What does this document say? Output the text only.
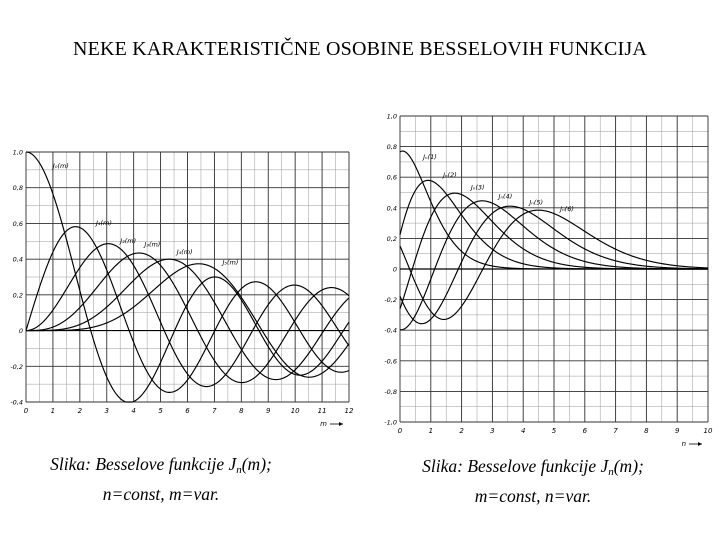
NEKE KARAKTERISTIČNE OSOBINE BESSELOVIH FUNKCIJA
0	1	2	3	4	5	6	7	8	9	10	11	12
1,0
0,8
0,6
0,4
0,2
0
-0,2
-0,4
m
J₀(m)
J₁(m)
J₂(m)	J₃(m)
J₄(m)
J₅(m)
0	1	2	3	4	5	6	7	8	9	10
1,0
0,8
0,6
0,4
0,2
0
-0,2
-0,4
-0,6
-0,8
-1,0
n
Jₙ(1)
Jₙ(2)
Jₙ(3)
Jₙ(4)
Jₙ(5)
Jₙ(6)
Slika: Besselove funkcije $J_n(m)$;
n=const, m=var.
Slika: Besselove funkcije $J_n(m)$;
m=const, n=var.
